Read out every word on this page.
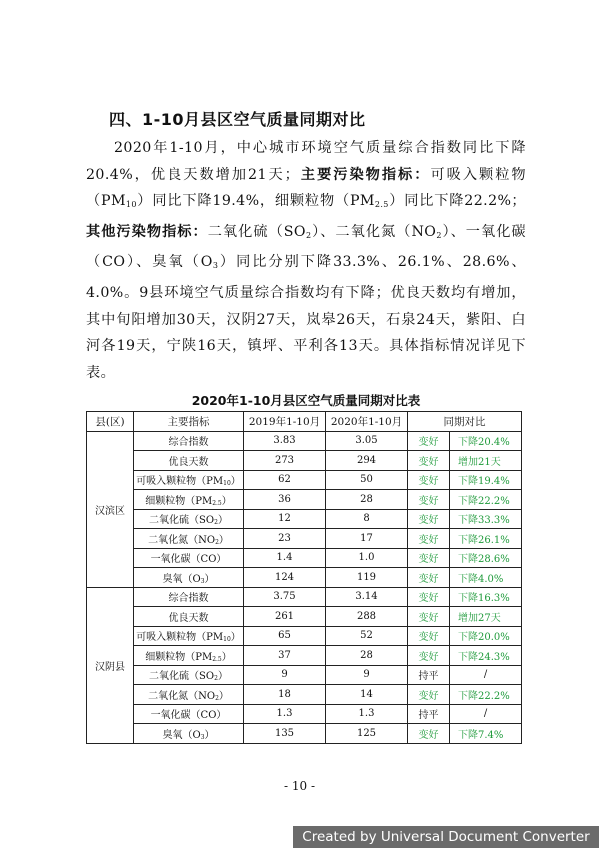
四、1-10月县区空气质量同期对比

2020年1-10月，中心城市环境空气质量综合指数同比下降20.4%，优良天数增加21天；主要污染物指标：可吸入颗粒物$(PM_{10})$同比下降19.4%，细颗粒物$(PM_{2.5})$同比下降22.2%；其他污染物指标：二氧化硫$(SO_2)$、二氧化氮$(NO_2)$、一氧化碳（CO）、臭氧$(O_3)$同比分别下降33.3%、26.1%、28.6%、4.0%。9县环境空气质量综合指数均有下降；优良天数均有增加，其中旬阳增加30天，汉阴27天，岚皋26天，石泉24天，紫阳、白河各19天，宁陕16天，镇坪、平利各13天。具体指标情况详见下表。

2020年1-10月县区空气质量同期对比表
县(区)	主要指标	2019年1-10月	2020年1-10月	同期对比	
汉滨区	综合指数	3.83	3.05	变好	下降20.4%
	优良天数	273	294	变好	增加21天
	可吸入颗粒物$(PM_{10})$	62	50	变好	下降19.4%
	细颗粒物$(PM_{2.5})$	36	28	变好	下降22.2%
	二氧化硫$(SO_2)$	12	8	变好	下降33.3%
	二氧化氮$(NO_2)$	23	17	变好	下降26.1%
	一氧化碳（CO）	1.4	1.0	变好	下降28.6%
	臭氧$(O_3)$	124	119	变好	下降4.0%
汉阴县	综合指数	3.75	3.14	变好	下降16.3%
	优良天数	261	288	变好	增加27天
	可吸入颗粒物$(PM_{10})$	65	52	变好	下降20.0%
	细颗粒物$(PM_{2.5})$	37	28	变好	下降24.3%
	二氧化硫$(SO_2)$	9	9	持平	/
	二氧化氮$(NO_2)$	18	14	变好	下降22.2%
	一氧化碳（CO）	1.3	1.3	持平	/
	臭氧$(O_3)$	135	125	变好	下降7.4%
- 10 -
Created by Universal Document Converter
